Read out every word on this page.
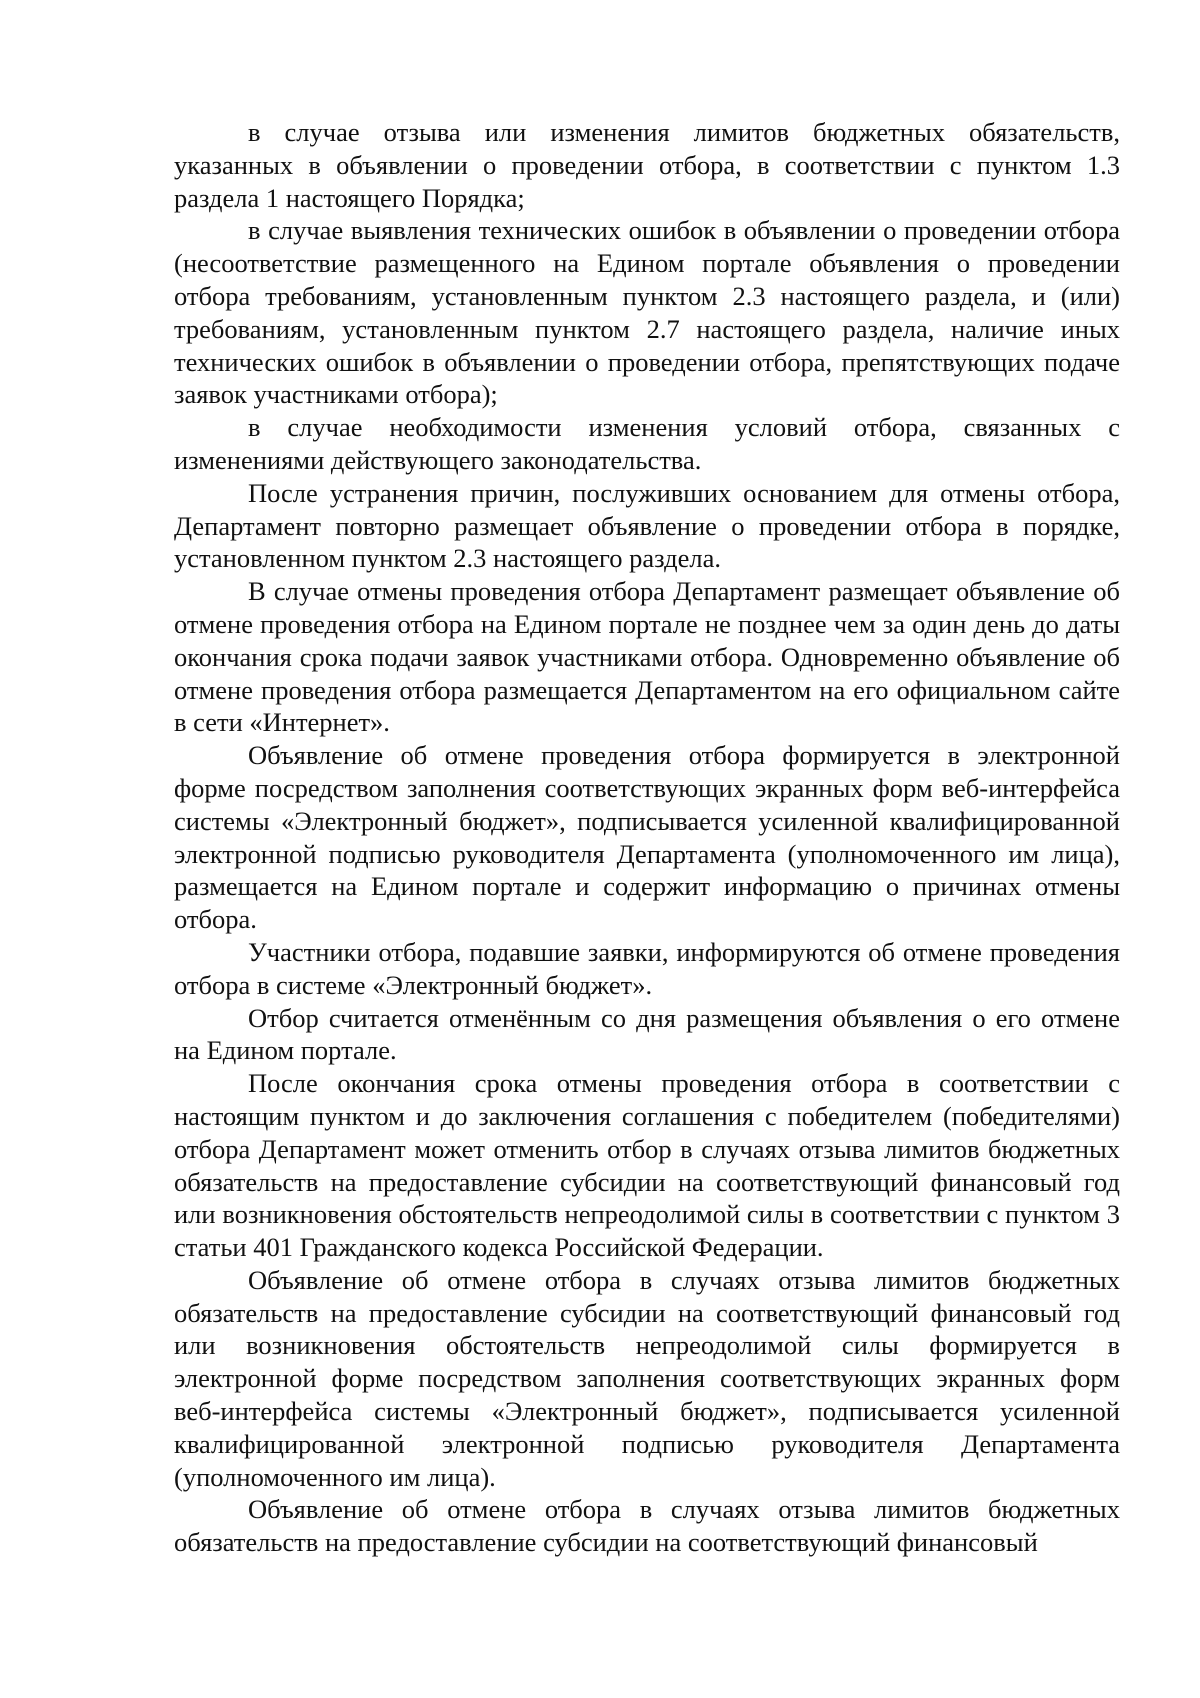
в случае отзыва или изменения лимитов бюджетных обязательств, указанных в объявлении о проведении отбора, в соответствии с пунктом 1.3 раздела 1 настоящего Порядка;

в случае выявления технических ошибок в объявлении о проведении отбора (несоответствие размещенного на Едином портале объявления о проведении отбора требованиям, установленным пунктом 2.3 настоящего раздела, и (или) требованиям, установленным пунктом 2.7 настоящего раздела, наличие иных технических ошибок в объявлении о проведении отбора, препятствующих подаче заявок участниками отбора);

в случае необходимости изменения условий отбора, связанных с изменениями действующего законодательства.

После устранения причин, послуживших основанием для отмены отбора, Департамент повторно размещает объявление о проведении отбора в порядке, установленном пунктом 2.3 настоящего раздела.

В случае отмены проведения отбора Департамент размещает объявление об отмене проведения отбора на Едином портале не позднее чем за один день до даты окончания срока подачи заявок участниками отбора. Одновременно объявление об отмене проведения отбора размещается Департаментом на его официальном сайте в сети «Интернет».

Объявление об отмене проведения отбора формируется в электронной форме посредством заполнения соответствующих экранных форм веб-интерфейса системы «Электронный бюджет», подписывается усиленной квалифицированной электронной подписью руководителя Департамента (уполномоченного им лица), размещается на Едином портале и содержит информацию о причинах отмены отбора.

Участники отбора, подавшие заявки, информируются об отмене проведения отбора в системе «Электронный бюджет».

Отбор считается отменённым со дня размещения объявления о его отмене на Едином портале.

После окончания срока отмены проведения отбора в соответствии с настоящим пунктом и до заключения соглашения с победителем (победителями) отбора Департамент может отменить отбор в случаях отзыва лимитов бюджетных обязательств на предоставление субсидии на соответствующий финансовый год или возникновения обстоятельств непреодолимой силы в соответствии с пунктом 3 статьи 401 Гражданского кодекса Российской Федерации.

Объявление об отмене отбора в случаях отзыва лимитов бюджетных обязательств на предоставление субсидии на соответствующий финансовый год или возникновения обстоятельств непреодолимой силы формируется в электронной форме посредством заполнения соответствующих экранных форм веб-интерфейса системы «Электронный бюджет», подписывается усиленной квалифицированной электронной подписью руководителя Департамента (уполномоченного им лица).

Объявление об отмене отбора в случаях отзыва лимитов бюджетных обязательств на предоставление субсидии на соответствующий финансовый
